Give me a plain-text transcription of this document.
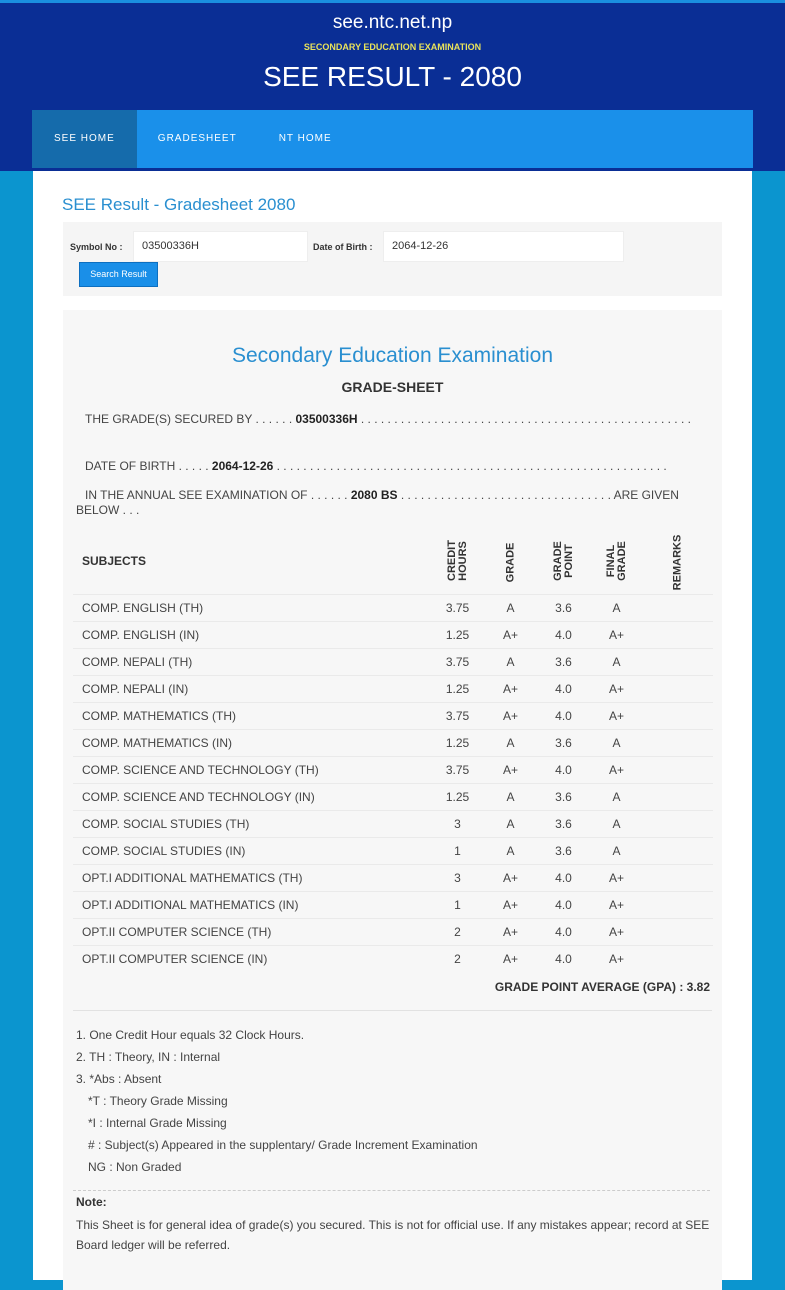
see.ntc.net.np
SECONDARY EDUCATION EXAMINATION
SEE RESULT - 2080
SEE HOME	GRADESHEET	NT HOME
SEE Result - Gradesheet 2080
Symbol No :	03500336H	Date of Birth :	2064-12-26
Search Result
Secondary Education Examination
GRADE-SHEET
THE GRADE(S) SECURED BY . . . . . . 03500336H . . . . . . . . . . . . . . . . . . . . . . . . . . . . . . . . . . . . . . . . . . . . . . . . . .
DATE OF BIRTH . . . . . 2064-12-26 . . . . . . . . . . . . . . . . . . . . . . . . . . . . . . . . . . . . . . . . . . . . . . . . . . . . . . . . . . .
IN THE ANNUAL SEE EXAMINATION OF . . . . . . 2080 BS . . . . . . . . . . . . . . . . . . . . . . . . . . . . . . . . ARE GIVEN BELOW . . .
SUBJECTS	CREDIT HOURS	GRADE	GRADE POINT	FINAL GRADE	REMARKS
COMP. ENGLISH (TH)	3.75	A	3.6	A	
COMP. ENGLISH (IN)	1.25	A+	4.0	A+	
COMP. NEPALI (TH)	3.75	A	3.6	A	
COMP. NEPALI (IN)	1.25	A+	4.0	A+	
COMP. MATHEMATICS (TH)	3.75	A+	4.0	A+	
COMP. MATHEMATICS (IN)	1.25	A	3.6	A	
COMP. SCIENCE AND TECHNOLOGY (TH)	3.75	A+	4.0	A+	
COMP. SCIENCE AND TECHNOLOGY (IN)	1.25	A	3.6	A	
COMP. SOCIAL STUDIES (TH)	3	A	3.6	A	
COMP. SOCIAL STUDIES (IN)	1	A	3.6	A	
OPT.I ADDITIONAL MATHEMATICS (TH)	3	A+	4.0	A+	
OPT.I ADDITIONAL MATHEMATICS (IN)	1	A+	4.0	A+	
OPT.II COMPUTER SCIENCE (TH)	2	A+	4.0	A+	
OPT.II COMPUTER SCIENCE (IN)	2	A+	4.0	A+	
GRADE POINT AVERAGE (GPA) : 3.82
1. One Credit Hour equals 32 Clock Hours.
2. TH : Theory, IN : Internal
3. *Abs : Absent
*T : Theory Grade Missing
*I : Internal Grade Missing
# : Subject(s) Appeared in the supplentary/ Grade Increment Examination
NG : Non Graded
Note:
This Sheet is for general idea of grade(s) you secured. This is not for official use. If any mistakes appear; record at SEE Board ledger will be referred.
